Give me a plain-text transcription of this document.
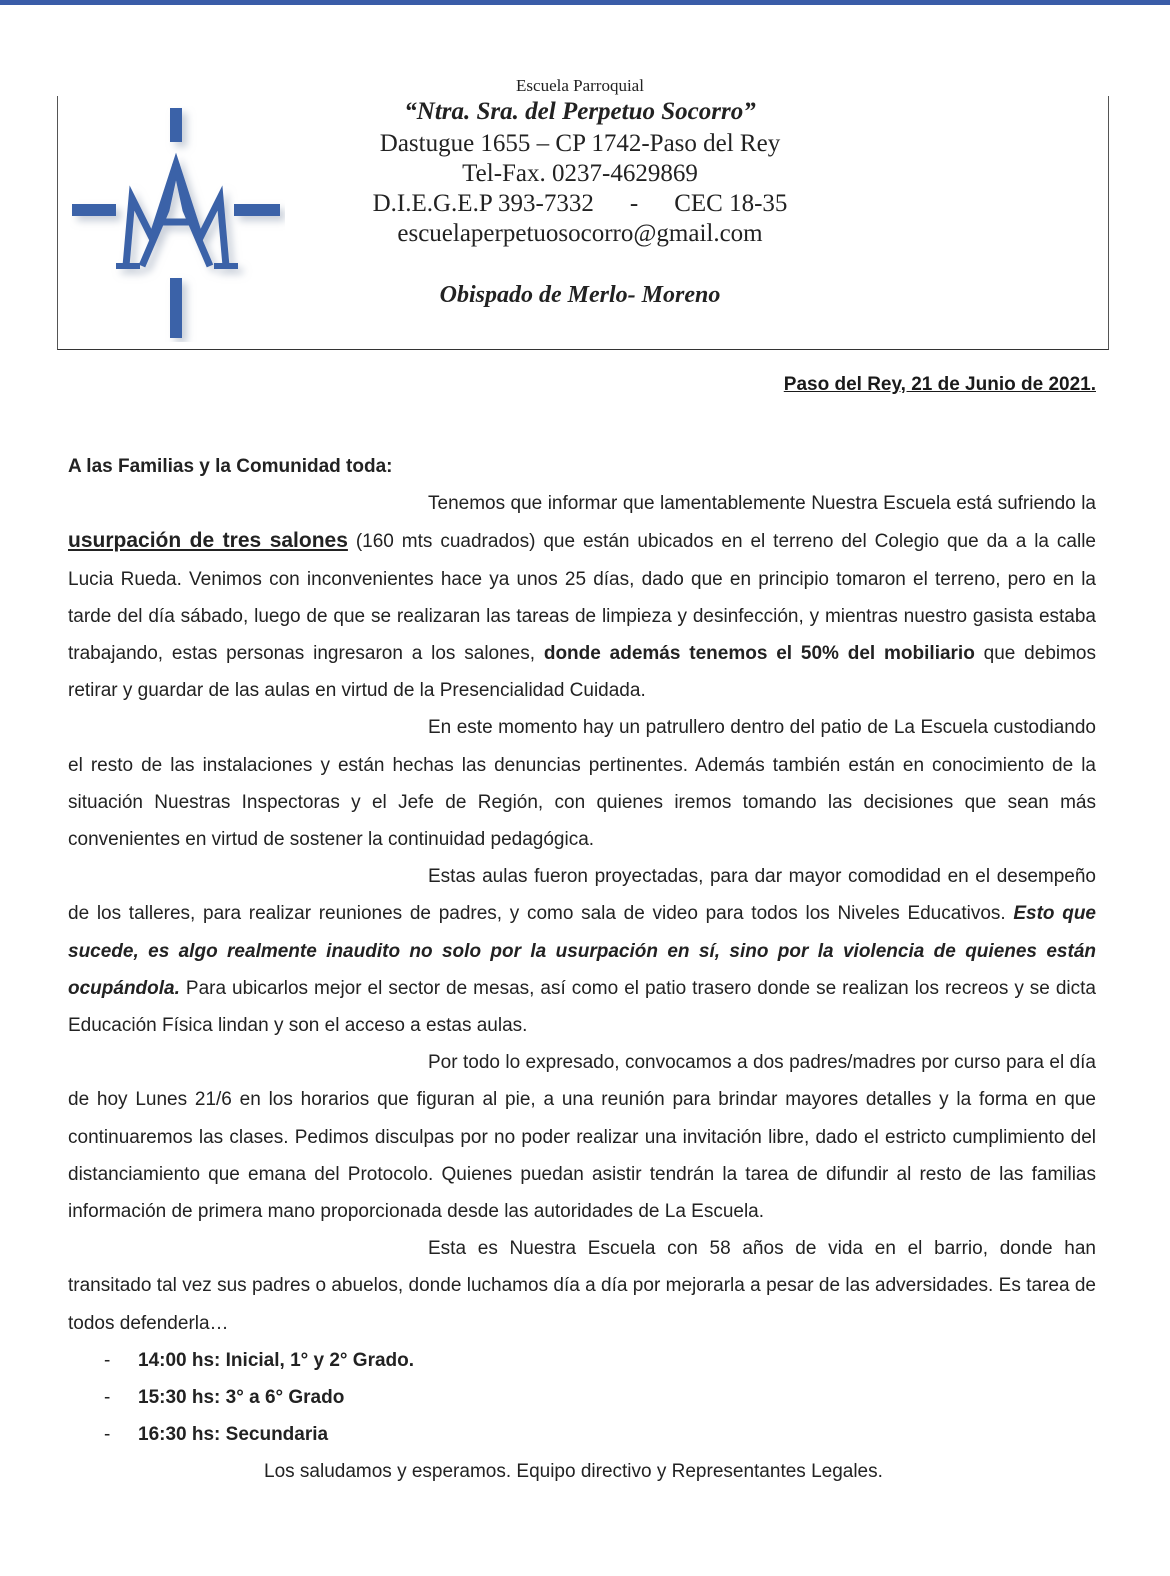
Escuela Parroquial
“Ntra. Sra. del Perpetuo Socorro”
Dastugue 1655 – CP 1742-Paso del Rey
Tel-Fax. 0237-4629869
D.I.E.G.E.P 393-7332 - CEC 18-35
escuelaperpetuosocorro@gmail.com
Obispado de Merlo- Moreno
Paso del Rey, 21 de Junio de 2021.

A las Familias y la Comunidad toda:

Tenemos que informar que lamentablemente Nuestra Escuela está sufriendo la usurpación de tres salones (160 mts cuadrados) que están ubicados en el terreno del Colegio que da a la calle Lucia Rueda. Venimos con inconvenientes hace ya unos 25 días, dado que en principio tomaron el terreno, pero en la tarde del día sábado, luego de que se realizaran las tareas de limpieza y desinfección, y mientras nuestro gasista estaba trabajando, estas personas ingresaron a los salones, donde además tenemos el 50% del mobiliario que debimos retirar y guardar de las aulas en virtud de la Presencialidad Cuidada.

En este momento hay un patrullero dentro del patio de La Escuela custodiando el resto de las instalaciones y están hechas las denuncias pertinentes. Además también están en conocimiento de la situación Nuestras Inspectoras y el Jefe de Región, con quienes iremos tomando las decisiones que sean más convenientes en virtud de sostener la continuidad pedagógica.

Estas aulas fueron proyectadas, para dar mayor comodidad en el desempeño de los talleres, para realizar reuniones de padres, y como sala de video para todos los Niveles Educativos. Esto que sucede, es algo realmente inaudito no solo por la usurpación en sí, sino por la violencia de quienes están ocupándola. Para ubicarlos mejor el sector de mesas, así como el patio trasero donde se realizan los recreos y se dicta Educación Física lindan y son el acceso a estas aulas.

Por todo lo expresado, convocamos a dos padres/madres por curso para el día de hoy Lunes 21/6 en los horarios que figuran al pie, a una reunión para brindar mayores detalles y la forma en que continuaremos las clases. Pedimos disculpas por no poder realizar una invitación libre, dado el estricto cumplimiento del distanciamiento que emana del Protocolo. Quienes puedan asistir tendrán la tarea de difundir al resto de las familias información de primera mano proporcionada desde las autoridades de La Escuela.

Esta es Nuestra Escuela con 58 años de vida en el barrio, donde han transitado tal vez sus padres o abuelos, donde luchamos día a día por mejorarla a pesar de las adversidades. Es tarea de todos defenderla…

- 14:00 hs: Inicial, 1° y 2° Grado.
- 15:30 hs: 3° a 6° Grado
- 16:30 hs: Secundaria

Los saludamos y esperamos. Equipo directivo y Representantes Legales.
